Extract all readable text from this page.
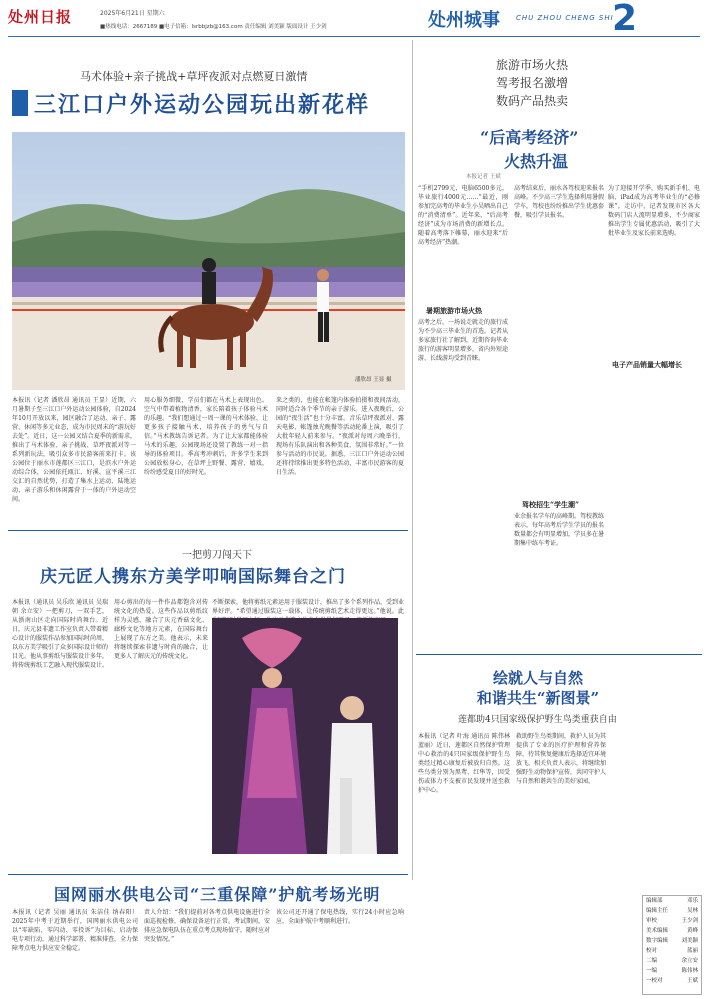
处州日报	2025年6月21日 星期六
■热线电话：2667189 ■电子信箱：lsrbbjzb@163.com 责任编辑 刘美颖 版面设计 王少剑	处州城事 CHU ZHOU CHENG SHI
2
马术体验+亲子挑战+草坪夜派对点燃夏日激情
三江口户外运动公园玩出新花样
潘欣昂 王显 摄
本报讯（记者 潘欣昂 通讯员 王显）近期，六月暑期子至三江口户外运动公园体验，自2024年10月开放以来，园区融合了运动、亲子、露营、休闲等多元业态，成为市民周末的“游玩好去处”。近日，这一公园又结合夏季的新需求，推出了马术体验、亲子挑战、草坪夜派对等一系列新玩法，吸引众多市民游客前来打卡。该公园位于丽水市莲都区三江口，是滨水户外运动综合体，公园依托瓯江、好溪、宣平溪三江交汇的自然优势，打造了集水上运动、陆地运动、亲子游乐和休闲露营于一体的户外运动空间。
用心服务细微，学员们都在马术上表现出色。空气中带着植物清香，家长陪着孩子体验马术的乐趣。“我们想通过一周一课的马术体验，让更多孩子接触马术，培养孩子的勇气与自信。”马术教练告诉记者。为了让大家都能体验马术的乐趣，公园现场还设置了教练一对一指导的体验项目。季高考冲刺后，许多学生来到公园放松身心，在草坪上野餐、露营、嬉戏，纷纷感受夏日的好时光。
来之类的，也能在帐篷内体验拍摄和夜间活动，同时适合各个季节的亲子游乐。进入夜晚后，公园的“夜生活”也十分丰富。音乐草坪夜派对、露天电影、帐篷烛光晚餐等活动轮番上演，吸引了大批年轻人前来参与。“夜派对每周六晚举行，现场有乐队演出和各种美食，氛围非常好。”一位参与活动的市民说。据悉，三江口户外运动公园还将持续推出更多特色活动，丰富市民游客的夏日生活。
旅游市场火热
驾考报名激增
数码产品热卖
“后高考经济”
火热升温
本报记者 王斌
“手机2799元，电脑6500多元，毕业旅行4000元……”最近，刚参加完高考的毕业生小吴晒出自己的“消费清单”。近年来，“后高考经济”成为市场消费的新增长点。随着高考落下帷幕，丽水迎来“后高考经济”热潮。
暑期旅游市场火热
高考之后，一场说走就走的旅行成为不少高三毕业生的首选。记者从多家旅行社了解到，近期咨询毕业旅行的游客明显增多，省内外短途游、长线游均受到青睐。
高考结束后，丽水各驾校迎来报名高峰。不少高三学生选择利用暑假学车，驾校也纷纷推出学生优惠套餐，吸引学员报名。
驾校招生“学生潮”
业余报名学车的高峰期。驾校教练表示，每年高考后学生学员的报名数量都会有明显增加，学员多在暑期集中练车考证。
电子产品销量大幅增长
为了迎接开学季，购买新手机、电脑、iPad成为高考毕业生的“必修课”。走访中，记者发现市区各大数码门店人流明显增多，不少商家推出学生专属优惠活动，吸引了大批毕业生及家长前来选购。
一把剪刀闯天下
庆元匠人携东方美学叩响国际舞台之门
本报讯（通讯员 吴乐欣 通讯员 吴瑞朝 余立安）一把剪刀，一双手艺，从浙南山区走向国际时尚舞台。近日，庆元县非遗工作室负责人带着精心设计的服装作品参加国际时尚周，以东方美学吸引了众多国际设计师的目光。他从事剪纸与服装设计多年，将传统剪纸工艺融入现代服装设计。
用心剪出的每一件作品都饱含对传统文化的热爱。这些作品以剪纸纹样为灵感，融合了庆元香菇文化、廊桥文化等地方元素，在国际舞台上展现了东方之美。他表示，未来将继续探索非遗与时尚的融合，让更多人了解庆元的传统文化。
不断探索，他将剪纸元素运用于服装设计，推出了多个系列作品，受到业界好评。“希望通过服装这一载体，让传统剪纸艺术走得更远。”他说。此
国网丽水供电公司“三重保障”护航考场光明
本报讯（记者 吴丽 通讯员 朱洁佳 纳春阳）2025年中考于近期举行，国网丽水供电公司以“零缺陷、零闪动、零投诉”为目标，启动保电专项行动，通过科学部署、精准排查，全力保障考点电力供应安全稳定。
责人介绍：“我们提前对各考点供电设施进行全面巡视检修，确保设备运行正常。考试期间，安排应急保电队伍在重点考点现场值守，随时应对突发情况。”
该公司还开通了保电热线，实行24小时应急响应，全面护航中考顺利进行。
绘就人与自然
和谐共生“新图景”
莲都助4只国家级保护野生鸟类重获自由
本报讯（记者 叶海 通讯员 陈伟林 蓝丽）近日，莲都区自然保护管理中心救治的4只国家级保护野生鸟类经过精心康复后被放归自然。这些鸟类分别为黑鸢、红隼等，因受伤或体力不支被市民发现并送至救护中心。
救助野生鸟类期间，救护人员为其提供了专业的医疗护理和营养保障，待其恢复健康后选择适宜环境放飞。相关负责人表示，将继续加强野生动物保护宣传，共同守护人与自然和谐共生的美好家园。
编辑部	邓乐
编辑主任	吴林
审校	王少剑
美术编辑	黄峰
数字编辑 刘美颖
校对	蓝丽
二编	余立安
一编	陈伟林
一校对	王斌
